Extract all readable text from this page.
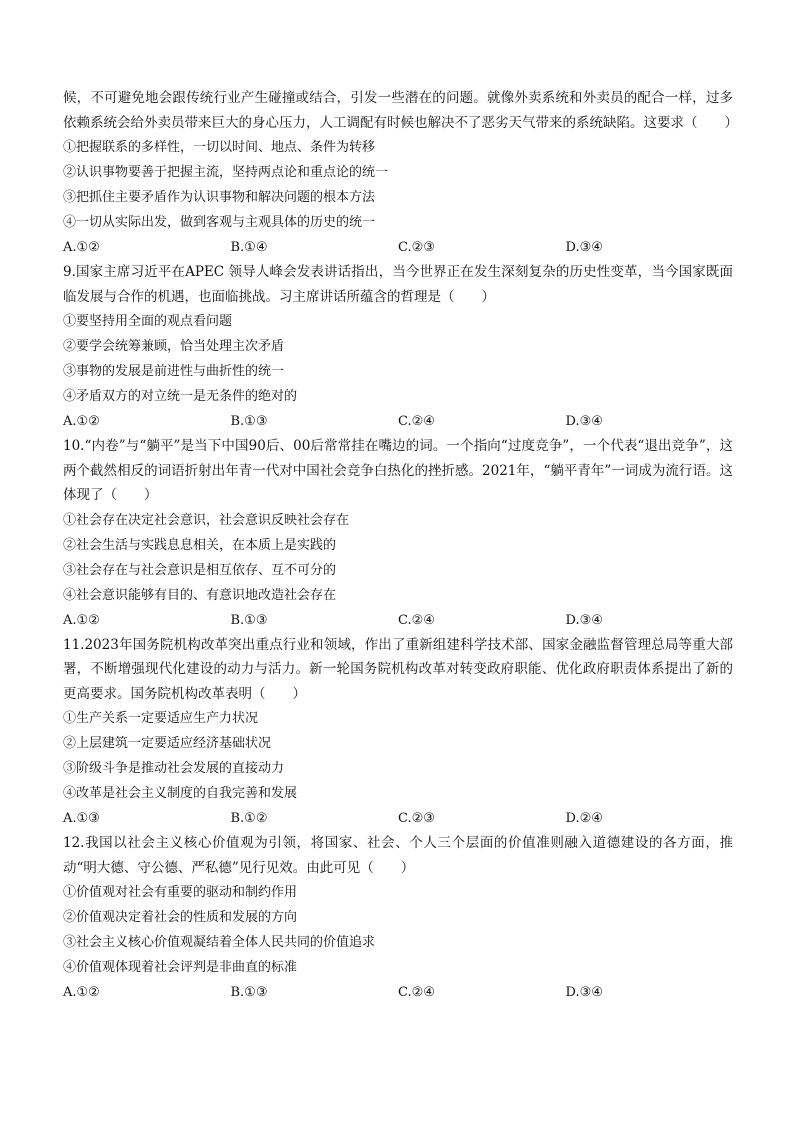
候，不可避免地会跟传统行业产生碰撞或结合，引发一些潜在的问题。就像外卖系统和外卖员的配合一样，过多依赖系统会给外卖员带来巨大的身心压力，人工调配有时候也解决不了恶劣天气带来的系统缺陷。这要求（　　）

①把握联系的多样性，一切以时间、地点、条件为转移

②认识事物要善于把握主流，坚持两点论和重点论的统一

③把抓住主要矛盾作为认识事物和解决问题的根本方法

④一切从实际出发，做到客观与主观具体的历史的统一

A.①②	B.①④	C.②③	D.③④

9.国家主席习近平在APEC 领导人峰会发表讲话指出，当今世界正在发生深刻复杂的历史性变革，当今国家既面临发展与合作的机遇，也面临挑战。习主席讲话所蕴含的哲理是（　　）

①要坚持用全面的观点看问题

②要学会统筹兼顾，恰当处理主次矛盾

③事物的发展是前进性与曲折性的统一

④矛盾双方的对立统一是无条件的绝对的

A.①②	B.①③	C.②④	D.③④

10.“内卷”与“躺平”是当下中国90后、00后常常挂在嘴边的词。一个指向“过度竞争”，一个代表“退出竞争”，这两个截然相反的词语折射出年青一代对中国社会竞争白热化的挫折感。2021年，“躺平青年”一词成为流行语。这体现了（　　）

①社会存在决定社会意识，社会意识反映社会存在

②社会生活与实践息息相关，在本质上是实践的

③社会存在与社会意识是相互依存、互不可分的

④社会意识能够有目的、有意识地改造社会存在

A.①②	B.①③	C.②④	D.③④

11.2023年国务院机构改革突出重点行业和领域，作出了重新组建科学技术部、国家金融监督管理总局等重大部署，不断增强现代化建设的动力与活力。新一轮国务院机构改革对转变政府职能、优化政府职责体系提出了新的更高要求。国务院机构改革表明（　　）

①生产关系一定要适应生产力状况

②上层建筑一定要适应经济基础状况

③阶级斗争是推动社会发展的直接动力

④改革是社会主义制度的自我完善和发展

A.①③	B.①②	C.②③	D.②④

12.我国以社会主义核心价值观为引领，将国家、社会、个人三个层面的价值准则融入道德建设的各方面，推动“明大德、守公德、严私德”见行见效。由此可见（　　）

①价值观对社会有重要的驱动和制约作用

②价值观决定着社会的性质和发展的方向

③社会主义核心价值观凝结着全体人民共同的价值追求

④价值观体现着社会评判是非曲直的标准

A.①②	B.①③	C.②④	D.③④
